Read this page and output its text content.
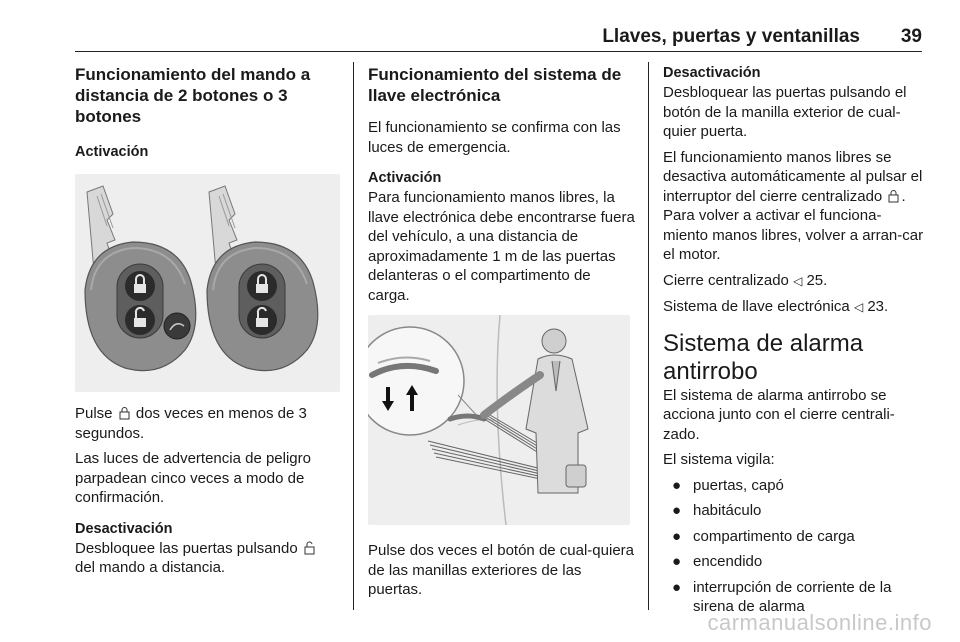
Llaves, puertas y ventanillas 39
Funcionamiento del mando a distancia de 2 botones o 3 botones
Activación
Pulse dos veces en menos de 3 segundos.
Las luces de advertencia de peligro parpadean cinco veces a modo de confirmación.
Desactivación
Desbloquee las puertas pulsando  del mando a distancia.
Funcionamiento del sistema de llave electrónica
El funcionamiento se confirma con las luces de emergencia.
Activación
Para funcionamiento manos libres, la llave electrónica debe encontrarse fuera del vehículo, a una distancia de aproximadamente 1 m de las puertas delanteras o el compartimento de carga.
Pulse dos veces el botón de cual-quiera de las manillas exteriores de las puertas.
Desactivación
Desbloquear las puertas pulsando el botón de la manilla exterior de cual-quier puerta.
El funcionamiento manos libres se desactiva automáticamente al pulsar el interruptor del cierre centralizado . Para volver a activar el funciona-miento manos libres, volver a arran-car el motor.
Cierre centralizado ◁ 25.
Sistema de llave electrónica ◁ 23.
Sistema de alarma antirrobo
El sistema de alarma antirrobo se acciona junto con el cierre centrali-zado.
El sistema vigila:
● puertas, capó
● habitáculo
● compartimento de carga
● encendido
● interrupción de corriente de la sirena de alarma
carmanualsonline.info
